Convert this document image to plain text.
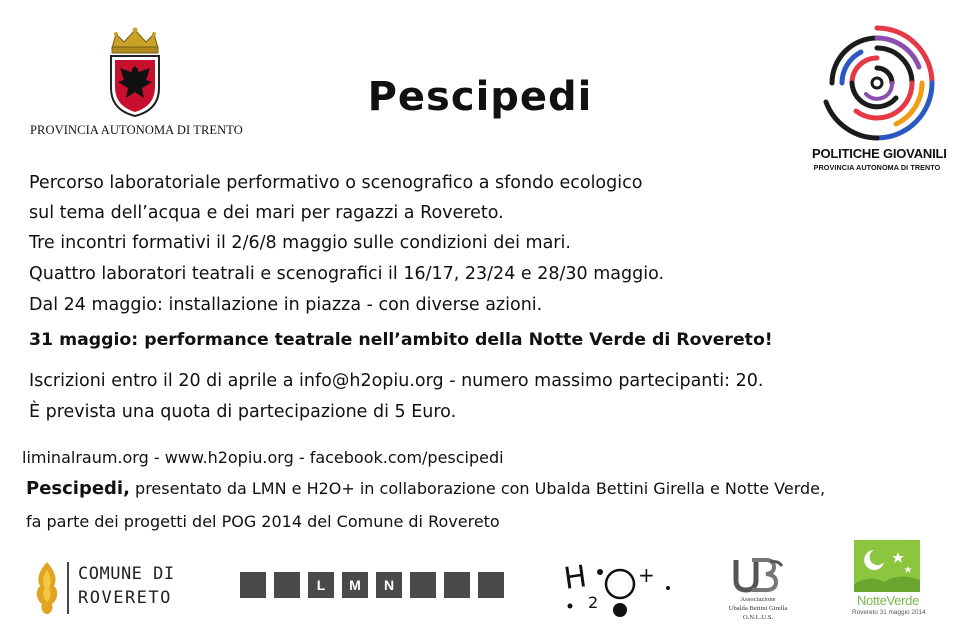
PROVINCIA AUTONOMA DI TRENTO
Pescipedi
POLITICHE GIOVANILI
PROVINCIA AUTONOMA DI TRENTO
Percorso laboratoriale performativo o scenografico a sfondo ecologico
sul tema dell’acqua e dei mari per ragazzi a Rovereto.
Tre incontri formativi il 2/6/8 maggio sulle condizioni dei mari.
Quattro laboratori teatrali e scenografici il 16/17, 23/24 e 28/30 maggio.
Dal 24 maggio: installazione in piazza - con diverse azioni.
31 maggio: performance teatrale nell’ambito della Notte Verde di Rovereto!
Iscrizioni entro il 20 di aprile a info@h2opiu.org - numero massimo partecipanti: 20.
È prevista una quota di partecipazione di 5 Euro.
liminalraum.org - www.h2opiu.org - facebook.com/pescipedi
Pescipedi, presentato da LMN e H2O+ in collaborazione con Ubalda Bettini Girella e Notte Verde,
fa parte dei progetti del POG 2014 del Comune di Rovereto
COMUNE DI
ROVERETO
L	M	N	H
2
+
Associazione
Ubalda Bettini Girella
O.N.L.U.S.
NotteVerde
Rovereto 31 maggio 2014
